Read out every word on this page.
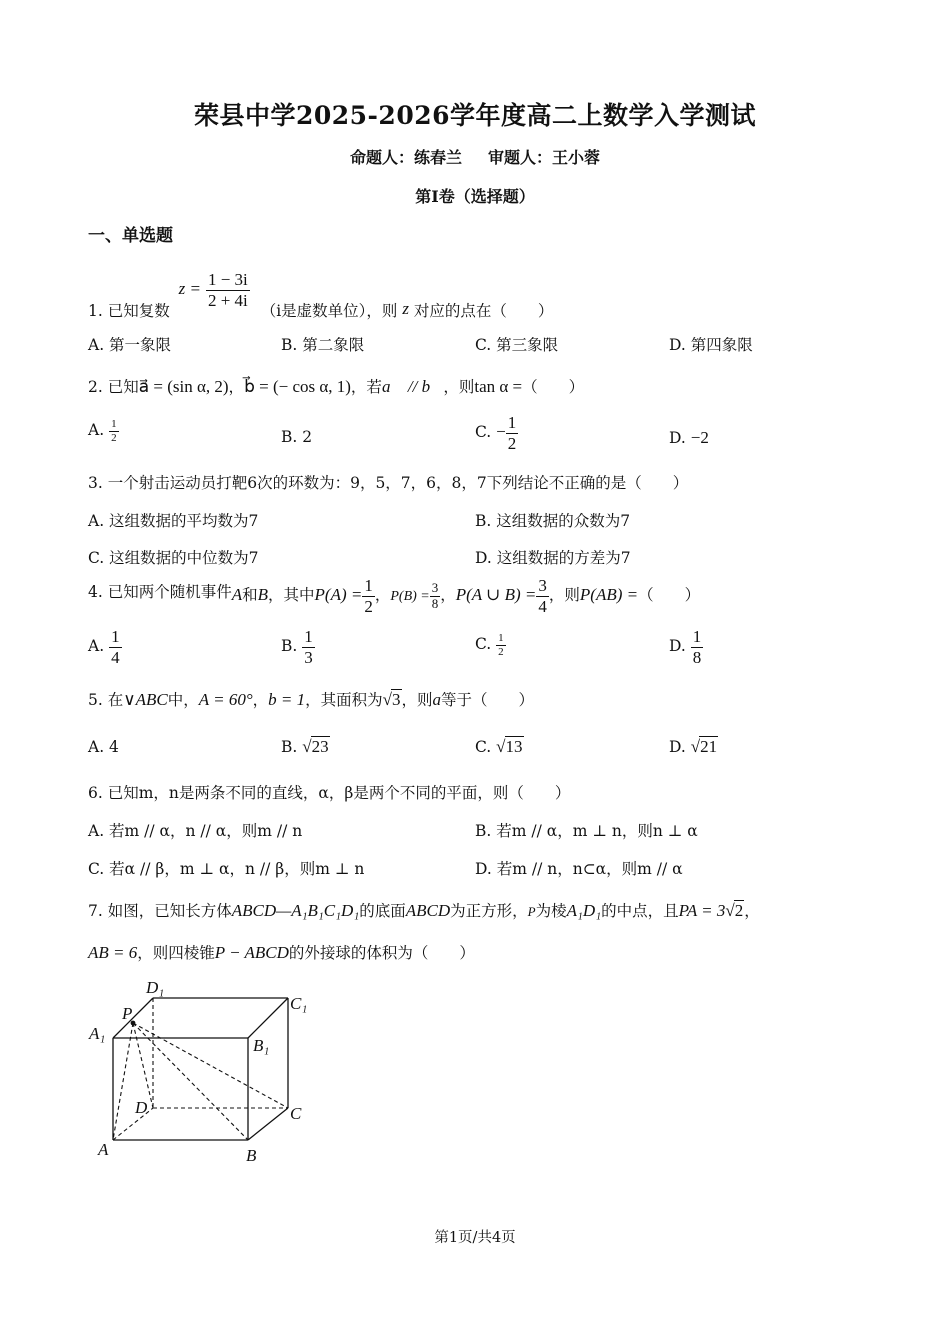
荣县中学2025-2026学年度高二上数学入学测试
命题人：练春兰 审题人：王小蓉
第I卷（选择题）
一、单选题
1. 已知复数 $z = \frac{1 - 3i}{2 + 4i}$
（i是虚数单位），则 z 对应的点在（　　）
A. 第一象限	B. 第二象限	C. 第三象限	D. 第四象限
2. 已知a⃗ = (sin α, 2)，b⃗ = (− cos α, 1)，若a⃗ // b⃗，则tan α =（　　）
A. $\frac{1}{2}$	B. 2	C. − $\frac{1}{2}$	D. −2
3. 一个射击运动员打靶6次的环数为：9，5，7，6，8，7下列结论不正确的是（　　）
A. 这组数据的平均数为7	B. 这组数据的众数为7
C. 这组数据的中位数为7	D. 这组数据的方差为7
4. 已知两个随机事件A和B，其中$P(A) = \frac{1}{2}$ ，$P(B) = \frac{3}{8}$ ，P(A ∪ $B) = \frac{3}{4}$ ，则P(AB) =（　　）
A. $\frac{1}{4}$	B. $\frac{1}{3}$	C. $\frac{1}{2}$	D. $\frac{1}{8}$
5. 在∨ABC中，A = 60°，b = 1，其面积为√3，则a等于（　　）
A. 4	B. √23	C. √13	D. √21
6. 已知m，n是两条不同的直线，α，β是两个不同的平面，则（　　）
A. 若m // α，n // α，则m // n	B. 若m // α，m ⊥ n，则n ⊥ α
C. 若α // β，m ⊥ α，n // β，则m ⊥ n	D. 若m // n，n⊂α，则m // α
7. 如图，已知长方体ABCD—A₁B₁C₁D₁的底面ABCD为正方形，P为棱A₁D₁的中点，且PA = 3√2，
AB = 6，则四棱锥P − ABCD的外接球的体积为（　　）
D₁
C₁
P
A₁
B₁
D	C
A	B
第1页/共4页
